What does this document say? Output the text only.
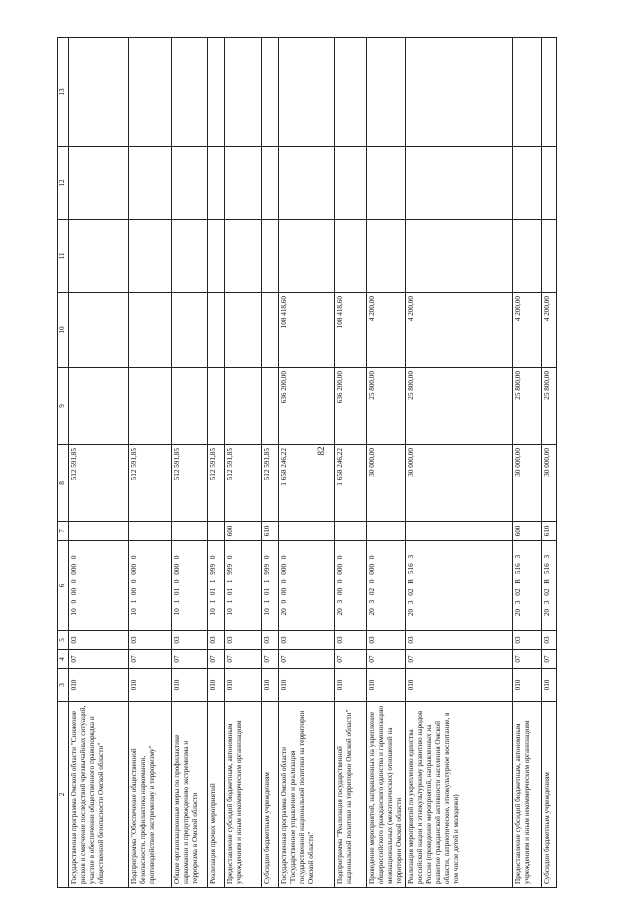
82
2	3	4	5	6	7	8	9	10	11	12	13
Государственная программа Омской области "Снижение рисков и смягчение последствий чрезвычайных ситуаций, участие в обеспечении общественного правопорядка и общественной безопасности Омской области"	010	07	03	10 0 00 0 000 0		512 591,85					
Подпрограмма "Обеспечение общественной безопасности, профилактика наркомании, противодействие экстремизму и терроризму"	010	07	03	10 1 00 0 000 0		512 591,85					
Общие организационные меры по профилактике наркомании и предупреждению экстремизма и терроризма в Омской области	010	07	03	10 1 01 0 000 0		512 591,85					
Реализация прочих мероприятий	010	07	03	10 1 01 1 999 0		512 591,85					
Предоставление субсидий бюджетным, автономным учреждениям и иным некоммерческим организациям	010	07	03	10 1 01 1 999 0	600	512 591,85					
Субсидии бюджетным учреждениям	010	07	03	10 1 01 1 999 0	610	512 591,85					
Государственная программа Омской области "Государственное управление и реализация государственной национальной политики на территории Омской области"	010	07	03	20 0 00 0 000 0		1 658 246,22	636 200,00	108 418,60			
Подпрограмма "Реализация государственной национальной политики на территории Омской области"	010	07	03	20 3 00 0 000 0		1 658 246,22	636 200,00	108 418,60			
Проведение мероприятий, направленных на укрепление общероссийского гражданского единства и гармонизацию межнациональных (межэтнических) отношений на территории Омской области	010	07	03	20 3 02 0 000 0		30 000,00	25 800,00	4 200,00			
Реализация мероприятий по укреплению единства российской нации и этнокультурному развитию народов России (проведение мероприятий, направленных на развитие гражданской активности населения Омской области, патриотическое, этнокультурное воспитание, в том числе детей и молодежи)	010	07	03	20 3 02 R 516 3		30 000,00	25 800,00	4 200,00			
Предоставление субсидий бюджетным, автономным учреждениям и иным некоммерческим организациям	010	07	03	20 3 02 R 516 3	600	30 000,00	25 800,00	4 200,00			
Субсидии бюджетным учреждениям	010	07	03	20 3 02 R 516 3	610	30 000,00	25 800,00	4 200,00			
